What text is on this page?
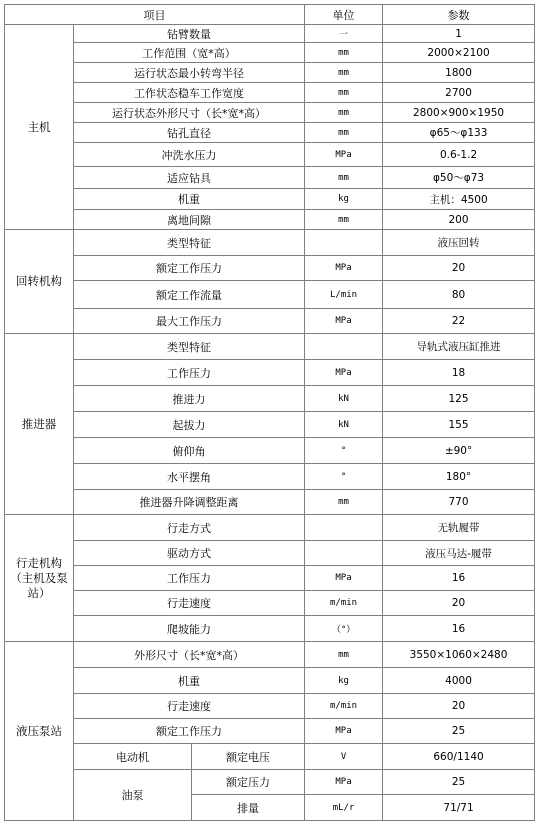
项目			单位	参数
主机	钻臂数量		一	1
	工作范围（宽*高）		mm	2000×2100
	运行状态最小转弯半径		mm	1800
	工作状态稳车工作宽度		mm	2700
	运行状态外形尺寸（长*宽*高）		mm	2800×900×1950
	钻孔直径		mm	φ65～φ133
	冲洗水压力		MPa	0.6-1.2
	适应钻具		mm	φ50～φ73
	机重		kg	主机：4500
	离地间隙		mm	200
回转机构	类型特征			液压回转
	额定工作压力		MPa	20
	额定工作流量		L/min	80
	最大工作压力		MPa	22
推进器	类型特征			导轨式液压缸推进
	工作压力		MPa	18
	推进力		kN	125
	起拔力		kN	155
	俯仰角		°	±90°
	水平摆角		°	180°
	推进器升降调整距离		mm	770
行走机构（主机及泵站）	行走方式			无轨履带
	驱动方式			液压马达-履带
	工作压力		MPa	16
	行走速度		m/min	20
	爬坡能力		（°）	16
液压泵站	外形尺寸（长*宽*高）		mm	3550×1060×2480
	机重		kg	4000
	行走速度		m/min	20
	额定工作压力		MPa	25
	电动机	额定电压	V	660/1140
	油泵	额定压力	MPa	25
		排量	mL/r	71/71
